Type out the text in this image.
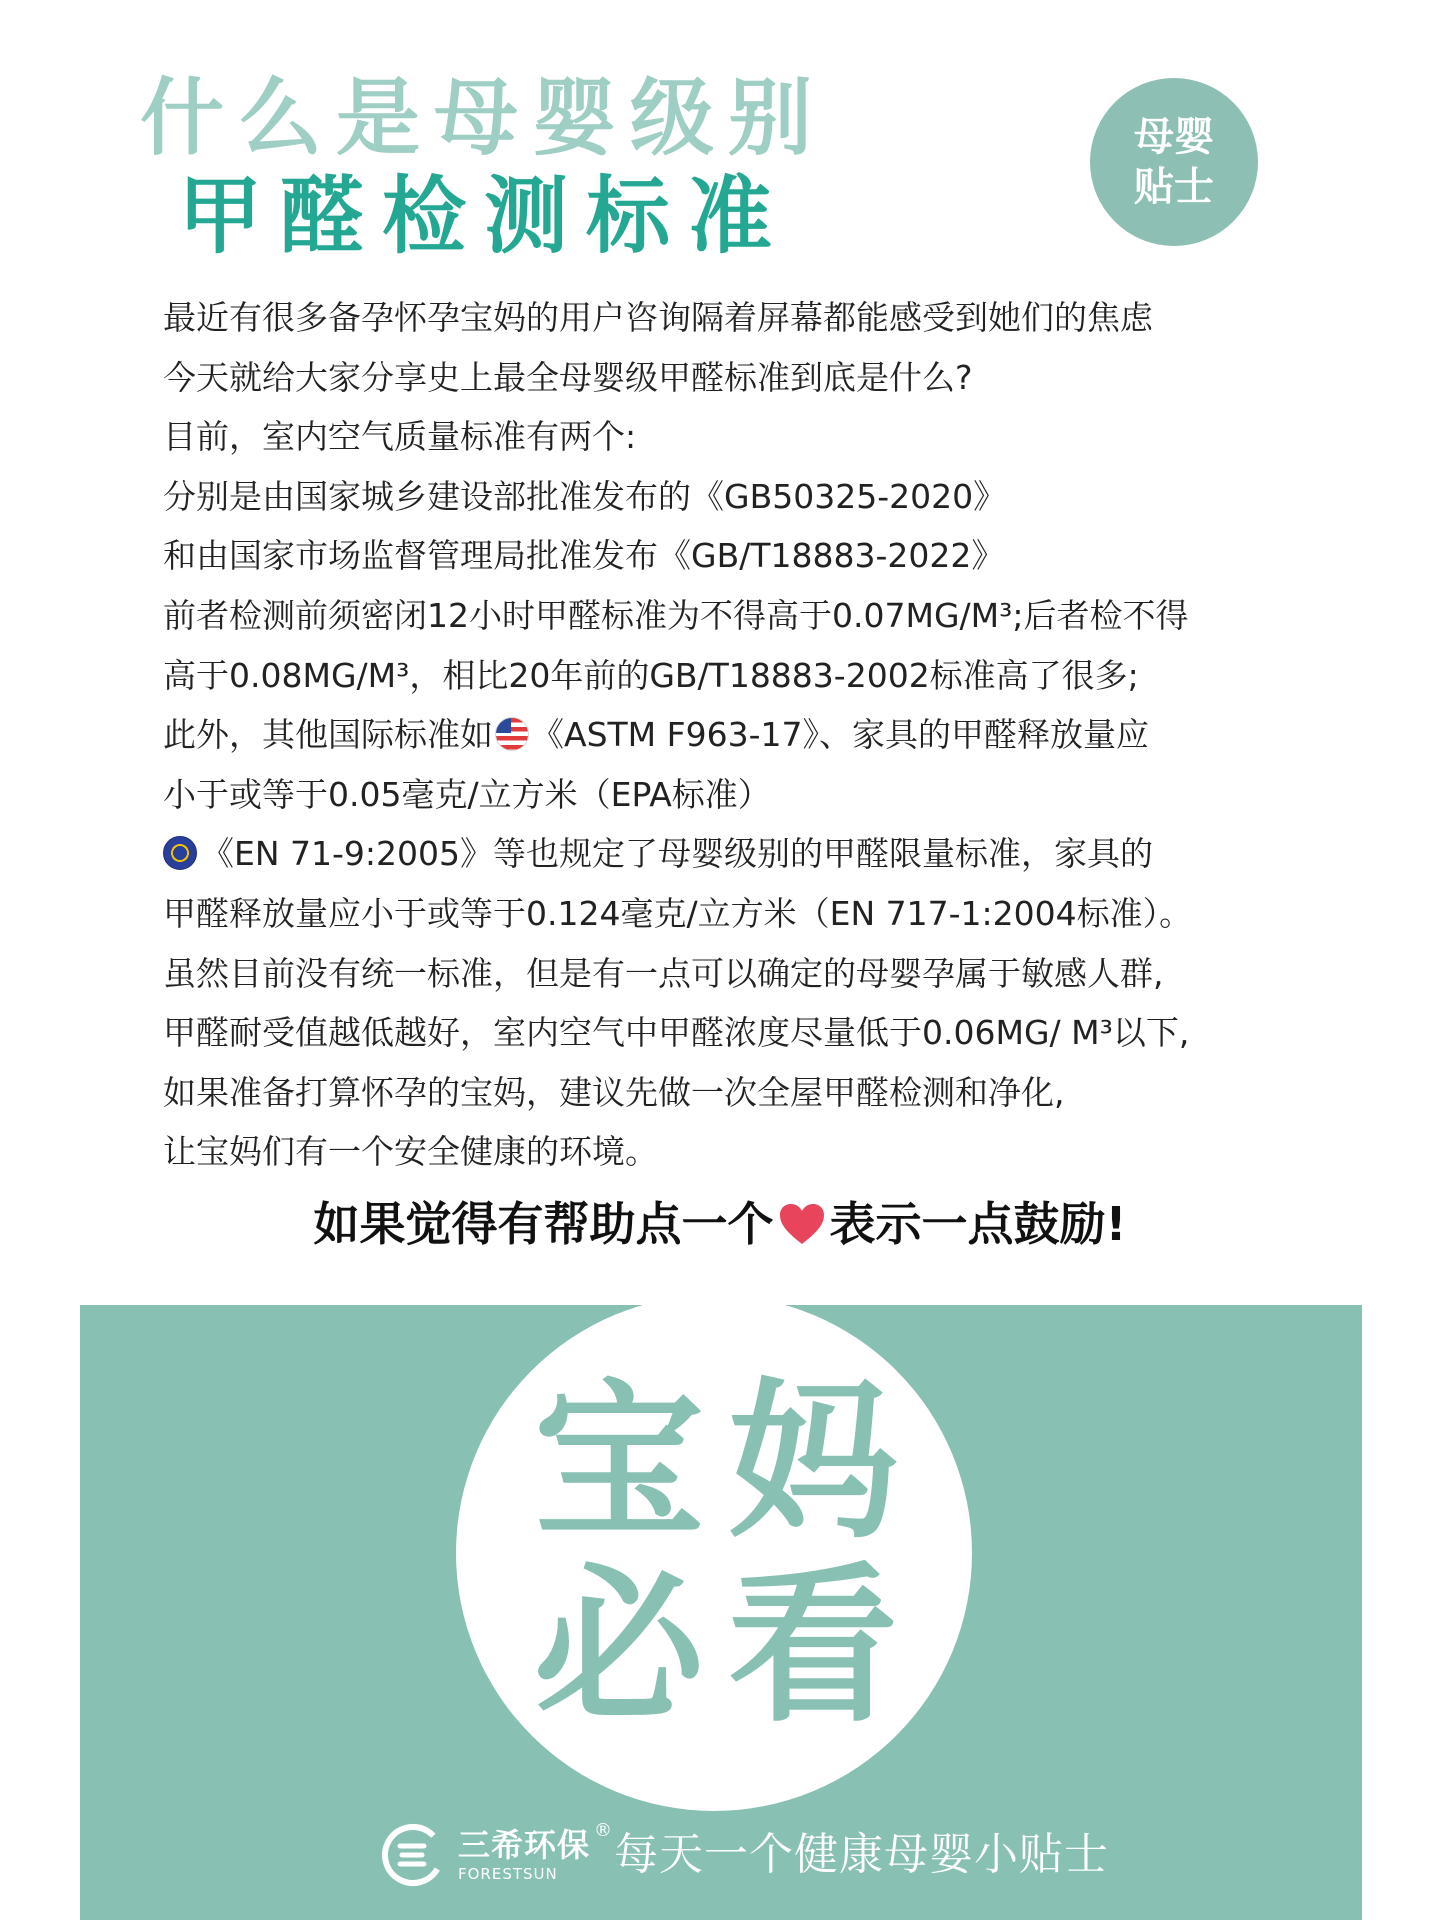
什么是母婴级别
甲醛检测标准
母婴
贴士
最近有很多备孕怀孕宝妈的用户咨询隔着屏幕都能感受到她们的焦虑
今天就给大家分享史上最全母婴级甲醛标准到底是什么?
目前，室内空气质量标准有两个:
分别是由国家城乡建设部批准发布的《GB50325-2020》
和由国家市场监督管理局批准发布《GB/T18883-2022》
前者检测前须密闭12小时甲醛标准为不得高于0.07MG/M³;后者检不得
高于0.08MG/M³，相比20年前的GB/T18883-2002标准高了很多;
此外，其他国际标准如 《ASTM F963-17》、家具的甲醛释放量应
小于或等于0.05毫克/立方米（EPA标准）
《EN 71-9:2005》等也规定了母婴级别的甲醛限量标准，家具的
甲醛释放量应小于或等于0.124毫克/立方米（EN 717-1:2004标准）。
虽然目前没有统一标准，但是有一点可以确定的母婴孕属于敏感人群,
甲醛耐受值越低越好，室内空气中甲醛浓度尽量低于0.06MG/ M³以下,
如果准备打算怀孕的宝妈，建议先做一次全屋甲醛检测和净化,
让宝妈们有一个安全健康的环境。
如果觉得有帮助点一个 表示一点鼓励!
宝 妈
必 看
三希环保
FORESTSUN
® 每天一个健康母婴小贴士
